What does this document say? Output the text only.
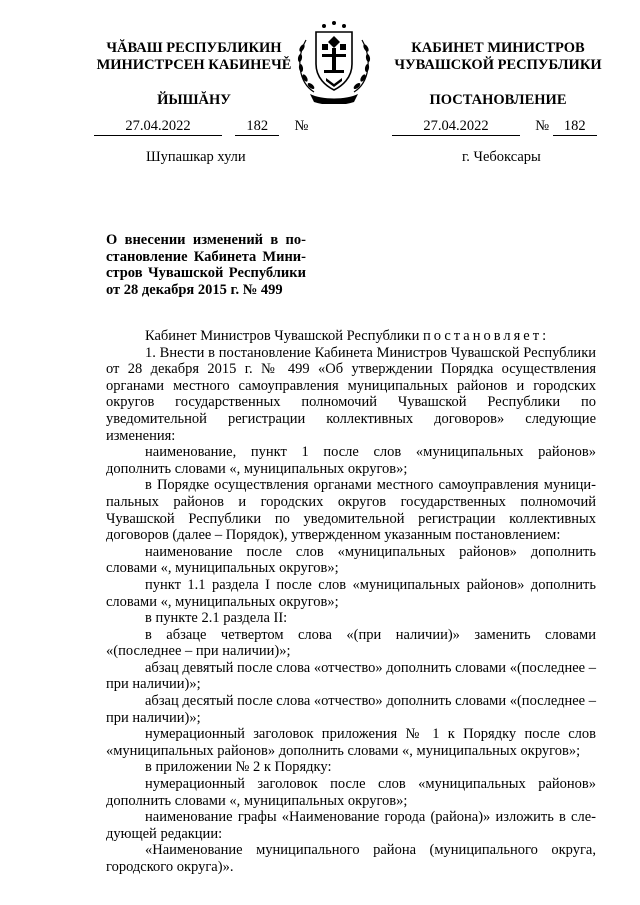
ЧĂВАШ РЕСПУБЛИКИН
МИНИСТРСЕН КАБИНЕЧĚ
ЙЫШĂНУ
КАБИНЕТ МИНИСТРОВ
ЧУВАШСКОЙ РЕСПУБЛИКИ
ПОСТАНОВЛЕНИЕ
27.04.2022	182 №	27.04.2022	№ 182
Шупашкар хули	г. Чебоксары
О внесении изменений в по-
становление Кабинета Мини-
стров Чувашской Республики
от 28 декабря 2015 г. № 499

Кабинет Министров Чувашской Республики постановляет:

1. Внести в постановление Кабинета Министров Чувашской Республики от 28 декабря 2015 г. № 499 «Об утверждении Порядка осуществления органами местного самоуправления муниципальных районов и городских округов государственных полномочий Чувашской Республики по уведомительной регистрации коллективных договоров» следующие изменения:

наименование, пункт 1 после слов «муниципальных районов» дополнить словами «, муниципальных округов»;

в Порядке осуществления органами местного самоуправления муниципальных районов и городских округов государственных полномочий Чувашской Республики по уведомительной регистрации коллективных договоров (далее – Порядок), утвержденном указанным постановлением:

наименование после слов «муниципальных районов» дополнить словами «, муниципальных округов»;

пункт 1.1 раздела I после слов «муниципальных районов» дополнить словами «, муниципальных округов»;

в пункте 2.1 раздела II:

в абзаце четвертом слова «(при наличии)» заменить словами «(последнее – при наличии)»;

абзац девятый после слова «отчество» дополнить словами «(последнее – при наличии)»;

абзац десятый после слова «отчество» дополнить словами «(последнее – при наличии)»;

нумерационный заголовок приложения № 1 к Порядку после слов «муниципальных районов» дополнить словами «, муниципальных округов»;

в приложении № 2 к Порядку:

нумерационный заголовок после слов «муниципальных районов» дополнить словами «, муниципальных округов»;

наименование графы «Наименование города (района)» изложить в следующей редакции:

«Наименование муниципального района (муниципального округа, городского округа)».
